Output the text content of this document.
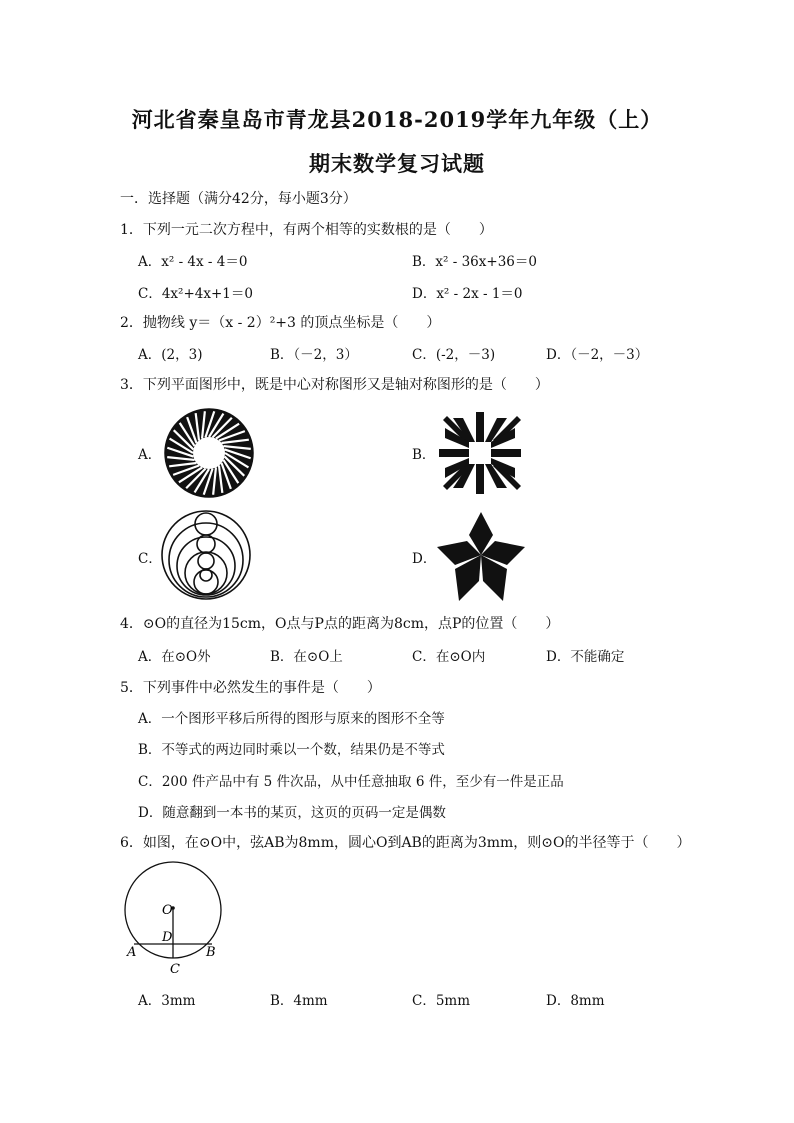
河北省秦皇岛市青龙县2018-2019学年九年级（上）
期末数学复习试题
一．选择题（满分42分，每小题3分）
1．下列一元二次方程中，有两个相等的实数根的是（　　）
A．x² - 4x - 4＝0	B．x² - 36x+36＝0
C．4x²+4x+1＝0	D．x² - 2x - 1＝0
2．抛物线 y＝（x - 2）²+3 的顶点坐标是（　　）
A．(2，3)	B．（－2，3）	C．(-2，－3)	D．（－2，－3）
3．下列平面图形中，既是中心对称图形又是轴对称图形的是（　　）
A．	B．
C．	D．
4．⊙O的直径为15cm，O点与P点的距离为8cm，点P的位置（　　）
A．在⊙O外	B．在⊙O上	C．在⊙O内	D．不能确定
5．下列事件中必然发生的事件是（　　）
A．一个图形平移后所得的图形与原来的图形不全等
B．不等式的两边同时乘以一个数，结果仍是不等式
C．200 件产品中有 5 件次品，从中任意抽取 6 件，至少有一件是正品
D．随意翻到一本书的某页，这页的页码一定是偶数
6．如图，在⊙O中，弦AB为8mm，圆心O到AB的距离为3mm，则⊙O的半径等于（　　）
O
D
A	B
C
A．3mm	B．4mm	C．5mm	D．8mm
